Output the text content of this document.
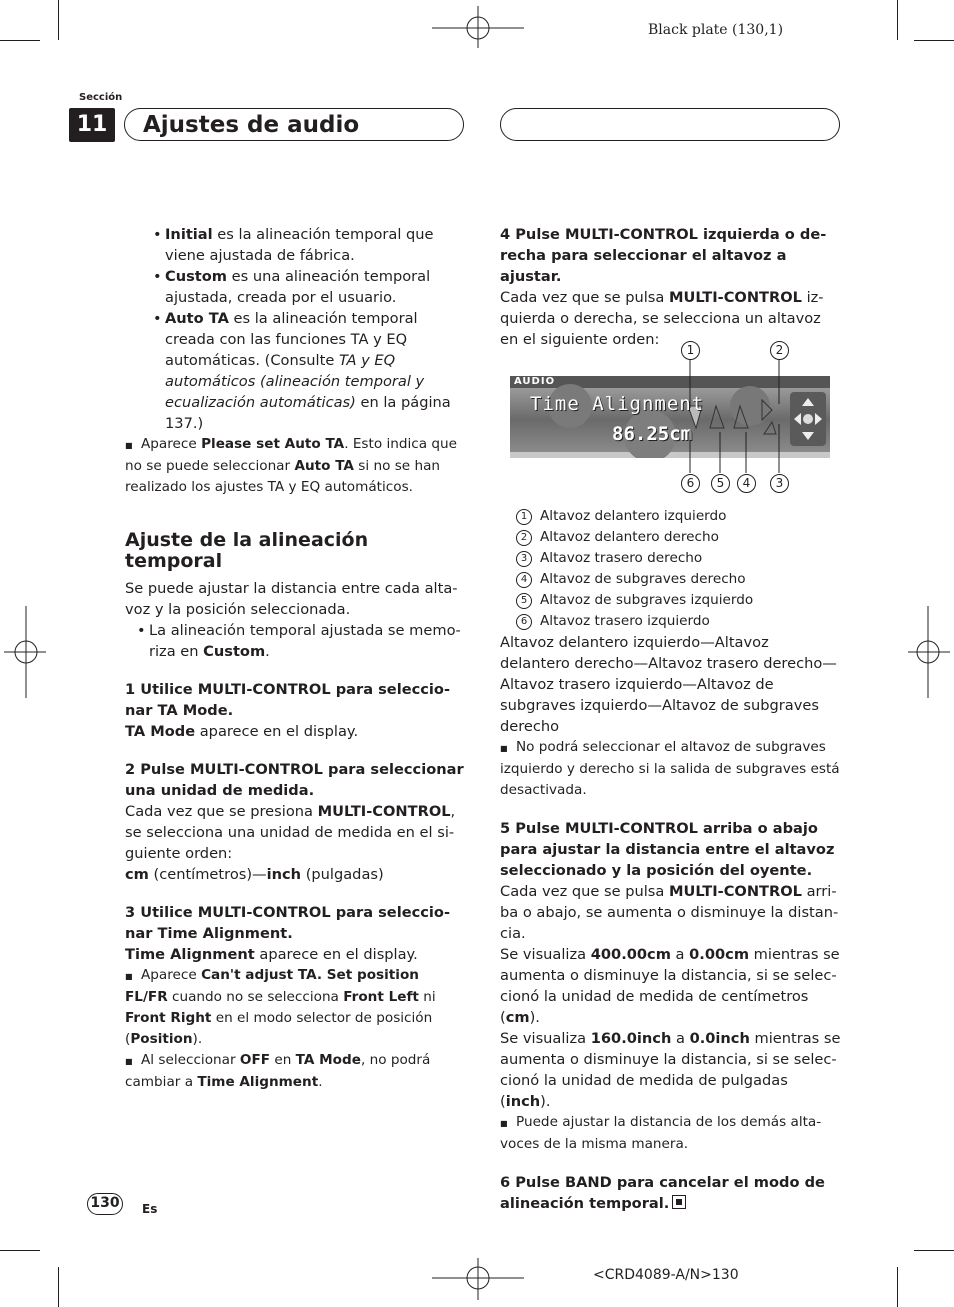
Black plate (130,1)
Sección
11	Ajustes de audio
• Initial es la alineación temporal que viene ajustada de fábrica.
• Custom es una alineación temporal ajustada, creada por el usuario.
• Auto TA es la alineación temporal creada con las funciones TA y EQ automáticas. (Consulte TA y EQ automáticos (alineación temporal y ecualización automáticas) en la página 137.)

■ Aparece Please set Auto TA. Esto indica que no se puede seleccionar Auto TA si no se han realizado los ajustes TA y EQ automáticos.

Ajuste de la alineación temporal

Se puede ajustar la distancia entre cada altavoz y la posición seleccionada.

• La alineación temporal ajustada se memoriza en Custom.

1 Utilice MULTI-CONTROL para seleccionar TA Mode.

TA Mode aparece en el display.

2 Pulse MULTI-CONTROL para seleccionar una unidad de medida.

Cada vez que se presiona MULTI-CONTROL, se selecciona una unidad de medida en el siguiente orden:

cm (centímetros)—inch (pulgadas)

3 Utilice MULTI-CONTROL para seleccionar Time Alignment.

Time Alignment aparece en el display.

■ Aparece Can't adjust TA. Set position FL/FR cuando no se selecciona Front Left ni Front Right en el modo selector de posición (Position).

■ Al seleccionar OFF en TA Mode, no podrá cambiar a Time Alignment.

4 Pulse MULTI-CONTROL izquierda o derecha para seleccionar el altavoz a ajustar.

Cada vez que se pulsa MULTI-CONTROL izquierda o derecha, se selecciona un altavoz en el siguiente orden:

AUDIO
Time Alignment
86.25cm
1	2
6	5	4	3
1 Altavoz delantero izquierdo
2 Altavoz delantero derecho
3 Altavoz trasero derecho
4 Altavoz de subgraves derecho
5 Altavoz de subgraves izquierdo
6 Altavoz trasero izquierdo

Altavoz delantero izquierdo—Altavoz delantero derecho—Altavoz trasero derecho—Altavoz trasero izquierdo—Altavoz de subgraves izquierdo—Altavoz de subgraves derecho

■ No podrá seleccionar el altavoz de subgraves izquierdo y derecho si la salida de subgraves está desactivada.

5 Pulse MULTI-CONTROL arriba o abajo para ajustar la distancia entre el altavoz seleccionado y la posición del oyente.

Cada vez que se pulsa MULTI-CONTROL arriba o abajo, se aumenta o disminuye la distancia.

Se visualiza 400.00cm a 0.00cm mientras se aumenta o disminuye la distancia, si se seleccionó la unidad de medida de centímetros (cm).

Se visualiza 160.0inch a 0.0inch mientras se aumenta o disminuye la distancia, si se seleccionó la unidad de medida de pulgadas (inch).

■ Puede ajustar la distancia de los demás altavoces de la misma manera.

6 Pulse BAND para cancelar el modo de alineación temporal.

130 Es
<CRD4089-A/N>130
